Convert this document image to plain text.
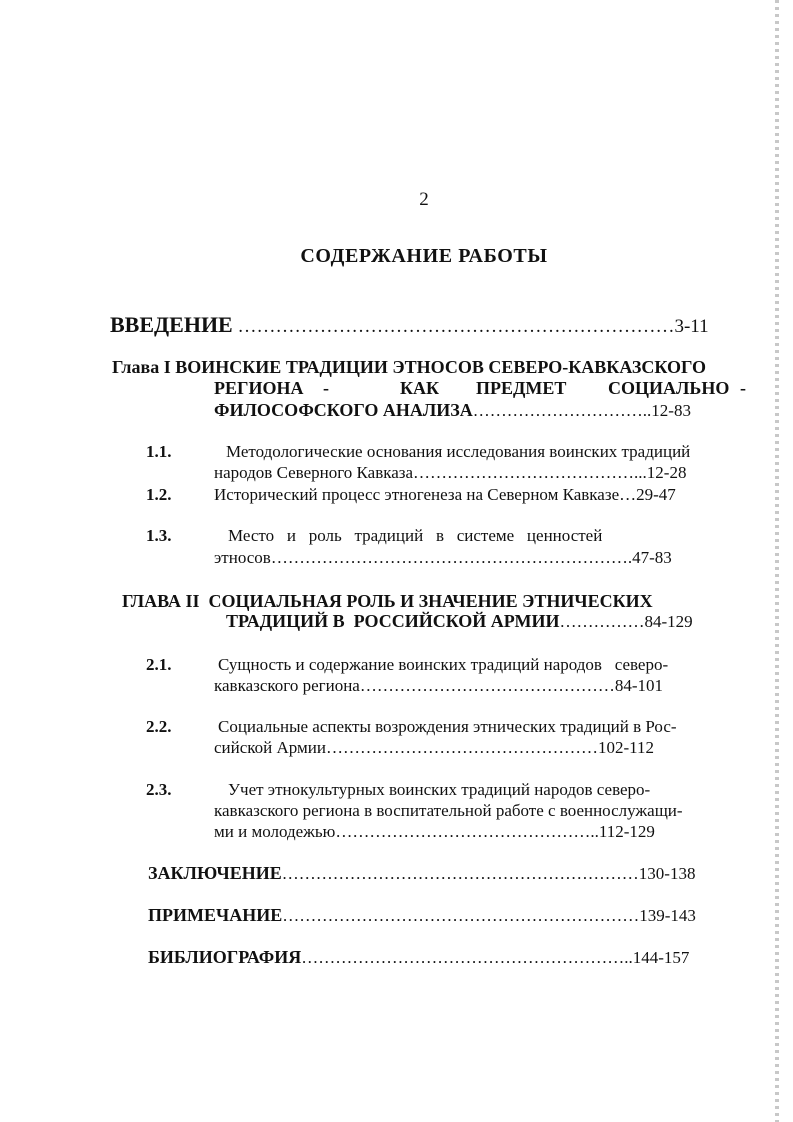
2
СОДЕРЖАНИЕ РАБОТЫ
ВВЕДЕНИЕ ……………………………………………………………3-11
Глава I ВОИНСКИЕ ТРАДИЦИИ ЭТНОСОВ СЕВЕРО-КАВКАЗСКОГО
РЕГИОНА -	КАК ПРЕДМЕТ СОЦИАЛЬНО -
ФИЛОСОФСКОГО АНАЛИЗА…………………………..12-83
1.1.	Методологические основания исследования воинских традиций
народов Северного Кавказа…………………………………...12-28
1.2.	Исторический процесс этногенеза на Северном Кавказе…29-47
1.3.	Место   и   роль   традиций   в   системе   ценностей
этносов……………………………………………………….47-83
ГЛАВА II  СОЦИАЛЬНАЯ РОЛЬ И ЗНАЧЕНИЕ ЭТНИЧЕСКИХ
ТРАДИЦИЙ В  РОССИЙСКОЙ АРМИИ……………84-129
2.1.	Сущность и содержание воинских традиций народов   северо-
кавказского региона………………………………………84-101
2.2.	Социальные аспекты возрождения этнических традиций в Рос-
сийской Армии…………………………………………102-112
2.3.	Учет этнокультурных воинских традиций народов северо-
кавказского региона в воспитательной работе с военнослужащи-
ми и молодежью………………………………………..112-129
ЗАКЛЮЧЕНИЕ………………………………………………………130-138
ПРИМЕЧАНИЕ………………………………………………………139-143
БИБЛИОГРАФИЯ…………………………………………………..144-157
